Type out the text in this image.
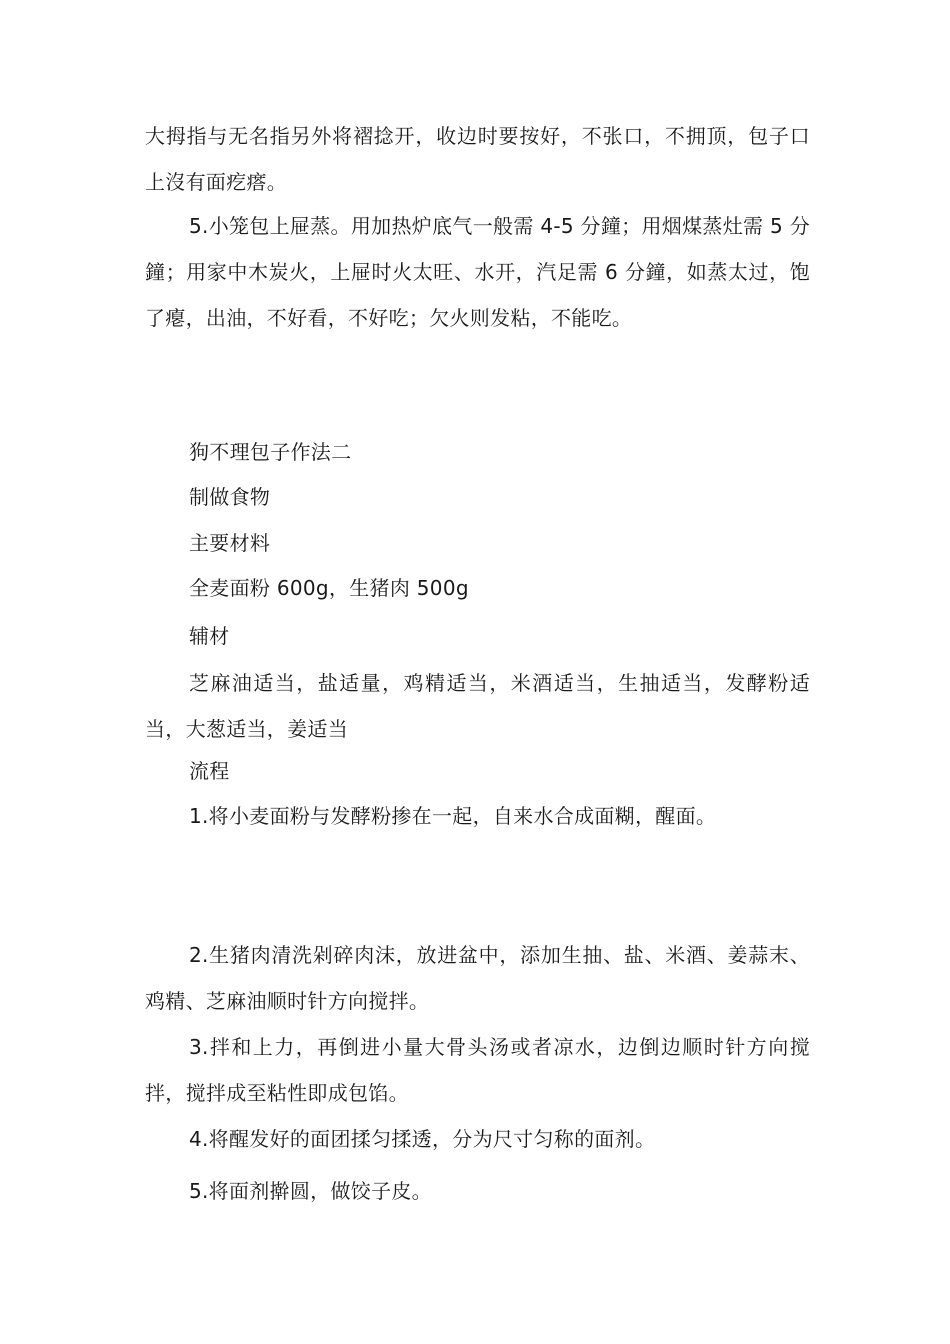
大拇指与无名指另外将褶捻开，收边时要按好，不张口，不拥顶，包子口上沒有面疙瘩。

5.小笼包上屉蒸。用加热炉底气一般需 4-5 分鐘；用烟煤蒸灶需 5 分鐘；用家中木炭火，上屉时火太旺、水开，汽足需 6 分鐘，如蒸太过，饱了瘪，出油，不好看，不好吃；欠火则发粘，不能吃。

狗不理包子作法二
制做食物
主要材料
全麦面粉 600g，生猪肉 500g
辅材

芝麻油适当，盐适量，鸡精适当，米酒适当，生抽适当，发酵粉适当，大葱适当，姜适当

流程
1.将小麦面粉与发酵粉掺在一起，自来水合成面糊，醒面。

2.生猪肉清洗剁碎肉沫，放进盆中，添加生抽、盐、米酒、姜蒜末、鸡精、芝麻油顺时针方向搅拌。

3.拌和上力，再倒进小量大骨头汤或者凉水，边倒边顺时针方向搅拌，搅拌成至粘性即成包馅。

4.将醒发好的面团揉匀揉透，分为尺寸匀称的面剂。
5.将面剂擀圆，做饺子皮。
